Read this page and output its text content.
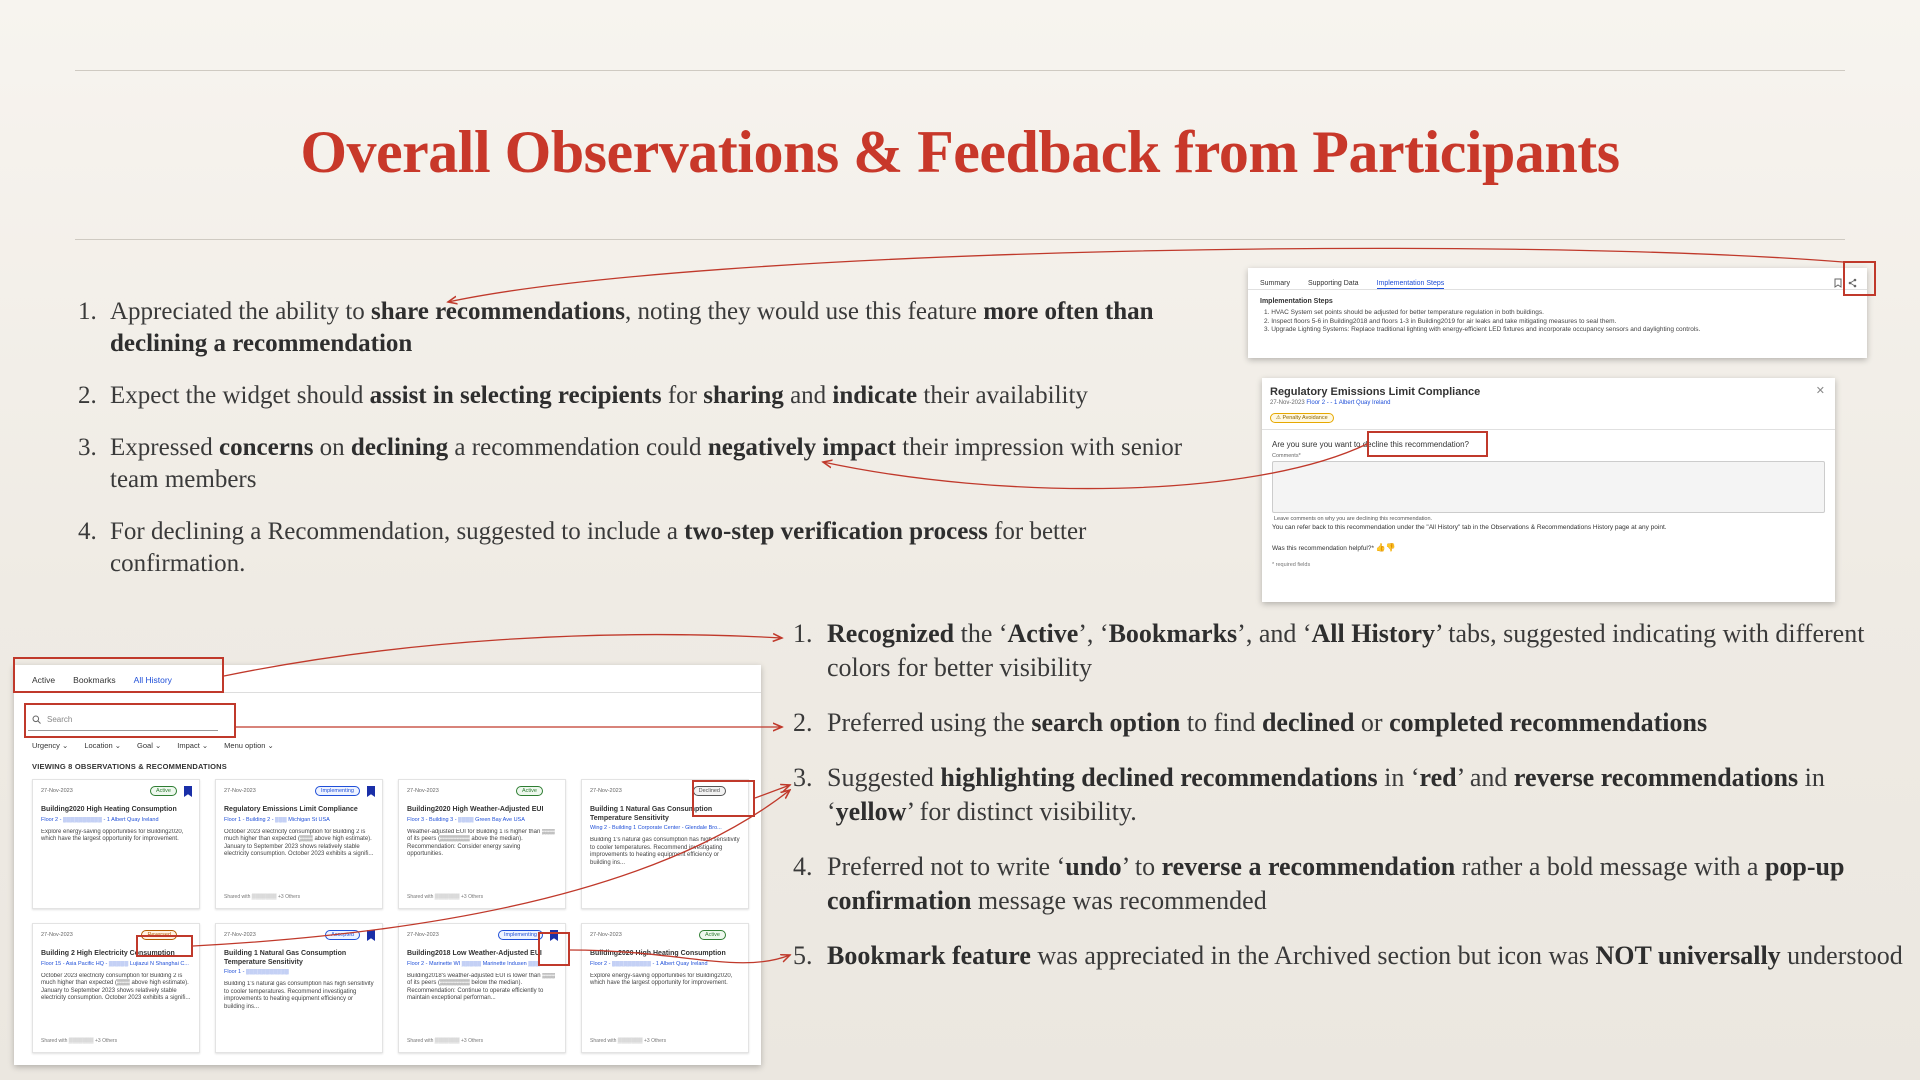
Overall Observations & Feedback from Participants
1. Appreciated the ability to share recommendations, noting they would use this feature more often than declining a recommendation
2. Expect the widget should assist in selecting recipients for sharing and indicate their availability
3. Expressed concerns on declining a recommendation could negatively impact their impression with senior team members
4. For declining a Recommendation, suggested to include a two-step verification process for better confirmation.
1. Recognized the ‘Active’, ‘Bookmarks’, and ‘All History’ tabs, suggested indicating with different colors for better visibility
2. Preferred using the search option to find declined or completed recommendations
3. Suggested highlighting declined recommendations in ‘red’ and reverse recommendations in ‘yellow’ for distinct visibility.
4. Preferred not to write ‘undo’ to reverse a recommendation rather a bold message with a pop-up confirmation message was recommended
5. Bookmark feature was appreciated in the Archived section but icon was NOT universally understood
Summary	Supporting Data	Implementation Steps
Implementation Steps
1. HVAC System set points should be adjusted for better temperature regulation in both buildings.
2. Inspect floors 5-6 in Building2018 and floors 1-3 in Building2019 for air leaks and take mitigating measures to seal them.
3. Upgrade Lighting Systems: Replace traditional lighting with energy-efficient LED fixtures and incorporate occupancy sensors and daylighting controls.
Regulatory Emissions Limit Compliance	✕
27-Nov-2023 Floor 2 - - 1 Albert Quay Ireland
⚠ Penalty Avoidance
Are you sure you want to decline this recommendation?
Comments*
Leave comments on why you are declining this recommendation.
You can refer back to this recommendation under the "All History" tab in the Observations & Recommendations History page at any point.
Was this recommendation helpful?* 👍👎
* required fields
Active Bookmarks All History
Search
Urgency ⌄ Location ⌄ Goal ⌄ Impact ⌄ Menu option ⌄
VIEWING 8 OBSERVATIONS & RECOMMENDATIONS
27-Nov-2023	Active
Building2020 High Heating Consumption
Floor 2 - ▒▒▒▒▒▒▒▒▒▒ - 1 Albert Quay Ireland
Explore energy-saving opportunities for Building2020, which have the largest opportunity for improvement.
27-Nov-2023	Implementing
Regulatory Emissions Limit Compliance
Floor 1 - Building 2 - ▒▒▒ Michigan St USA
October 2023 electricity consumption for Building 2 is much higher than expected (▒▒▒ above high estimate). January to September 2023 shows relatively stable electricity consumption. October 2023 exhibits a signifi...
Shared with ▒▒▒▒▒▒▒ +3 Others
27-Nov-2023	Active
Building2020 High Weather-Adjusted EUI
Floor 3 - Building 3 - ▒▒▒▒ Green Bay Ave USA
Weather-adjusted EUI for Building 1 is higher than ▒▒▒ of its peers (▒▒▒▒▒▒▒ above the median). Recommendation: Consider energy saving opportunities.
Shared with ▒▒▒▒▒▒▒ +3 Others
27-Nov-2023	Declined
Building 1 Natural Gas Consumption Temperature Sensitivity
Wing 2 - Building 1 Corporate Center - Glendale Bro...
Building 1's natural gas consumption has high sensitivity to cooler temperatures. Recommend investigating improvements to heating equipment efficiency or building ins...
27-Nov-2023	Reversed
Building 2 High Electricity Consumption
Floor 15 - Asia Pacific HQ - ▒▒▒▒▒ Lujiazui N Shanghai C...
October 2023 electricity consumption for Building 2 is much higher than expected (▒▒▒ above high estimate). January to September 2023 shows relatively stable electricity consumption. October 2023 exhibits a signifi...
Shared with ▒▒▒▒▒▒▒ +3 Others
27-Nov-2023	Accepted
Building 1 Natural Gas Consumption Temperature Sensitivity
Floor 1 - ▒▒▒▒▒▒▒▒▒▒▒
Building 1's natural gas consumption has high sensitivity to cooler temperatures. Recommend investigating improvements to heating equipment efficiency or building ins...
27-Nov-2023	Implementing
Building2018 Low Weather-Adjusted EUI
Floor 2 - Marinette WI ▒▒▒▒▒ Marinette Indusen ▒▒▒
Building2018's weather-adjusted EUI is lower than ▒▒▒ of its peers (▒▒▒▒▒▒▒ below the median). Recommendation: Continue to operate efficiently to maintain exceptional performan...
Shared with ▒▒▒▒▒▒▒ +3 Others
27-Nov-2023	Active
Building2020 High Heating Consumption
Floor 2 - ▒▒▒▒▒▒▒▒▒▒ - 1 Albert Quay Ireland
Explore energy-saving opportunities for Building2020, which have the largest opportunity for improvement.
Shared with ▒▒▒▒▒▒▒ +3 Others
